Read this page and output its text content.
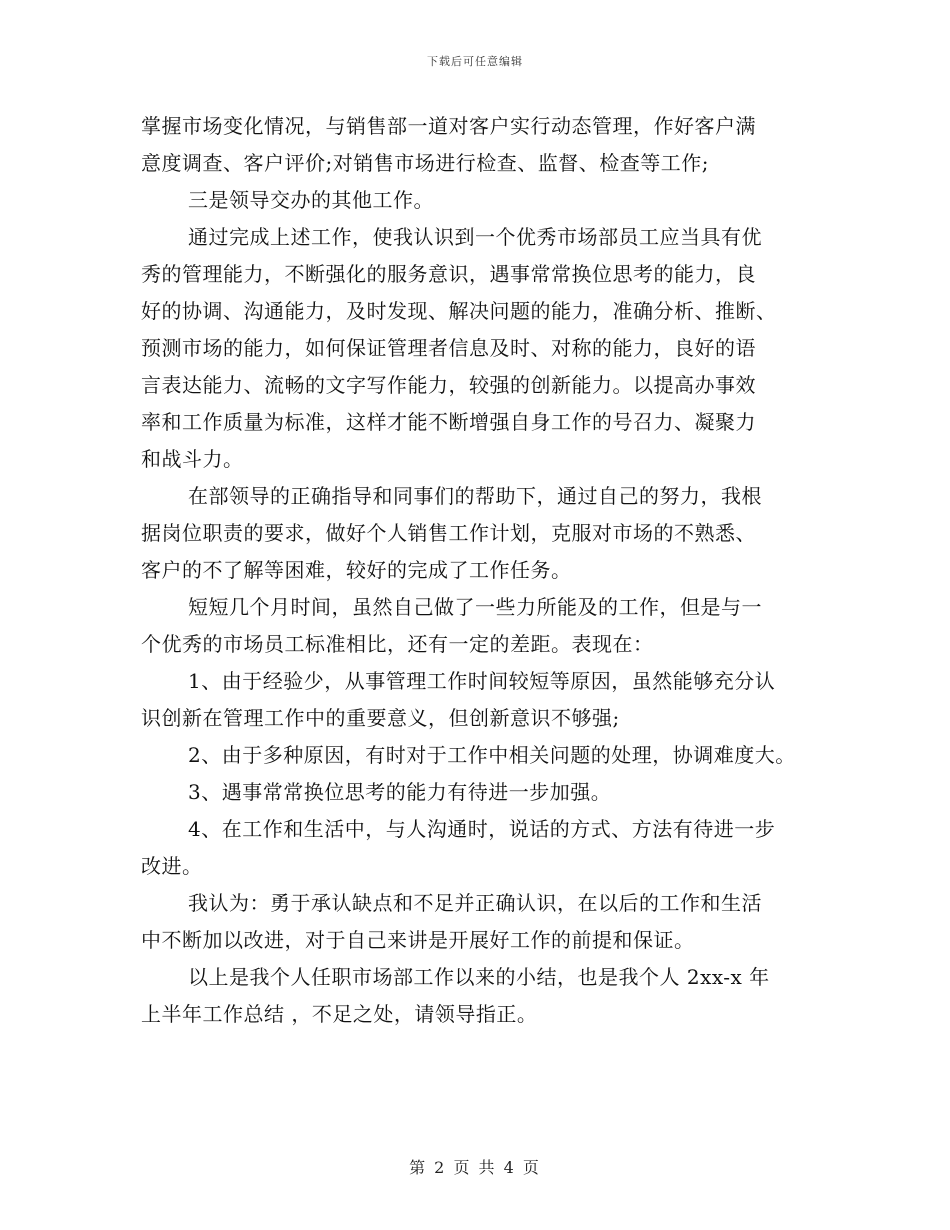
下载后可任意编辑
掌握市场变化情况，与销售部一道对客户实行动态管理，作好客户满
意度调查、客户评价;对销售市场进行检查、监督、检查等工作;
三是领导交办的其他工作。
通过完成上述工作，使我认识到一个优秀市场部员工应当具有优
秀的管理能力，不断强化的服务意识，遇事常常换位思考的能力，良
好的协调、沟通能力，及时发现、解决问题的能力，准确分析、推断、
预测市场的能力，如何保证管理者信息及时、对称的能力，良好的语
言表达能力、流畅的文字写作能力，较强的创新能力。以提高办事效
率和工作质量为标准，这样才能不断增强自身工作的号召力、凝聚力
和战斗力。
在部领导的正确指导和同事们的帮助下，通过自己的努力，我根
据岗位职责的要求，做好个人销售工作计划，克服对市场的不熟悉、
客户的不了解等困难，较好的完成了工作任务。
短短几个月时间，虽然自己做了一些力所能及的工作，但是与一
个优秀的市场员工标准相比，还有一定的差距。表现在：
1、由于经验少，从事管理工作时间较短等原因，虽然能够充分认
识创新在管理工作中的重要意义，但创新意识不够强;
2、由于多种原因，有时对于工作中相关问题的处理，协调难度大。
3、遇事常常换位思考的能力有待进一步加强。
4、在工作和生活中，与人沟通时，说话的方式、方法有待进一步
改进。
我认为：勇于承认缺点和不足并正确认识，在以后的工作和生活
中不断加以改进，对于自己来讲是开展好工作的前提和保证。
以上是我个人任职市场部工作以来的小结，也是我个人 2xx-x 年
上半年工作总结 ，不足之处，请领导指正。
第 2 页 共 4 页
